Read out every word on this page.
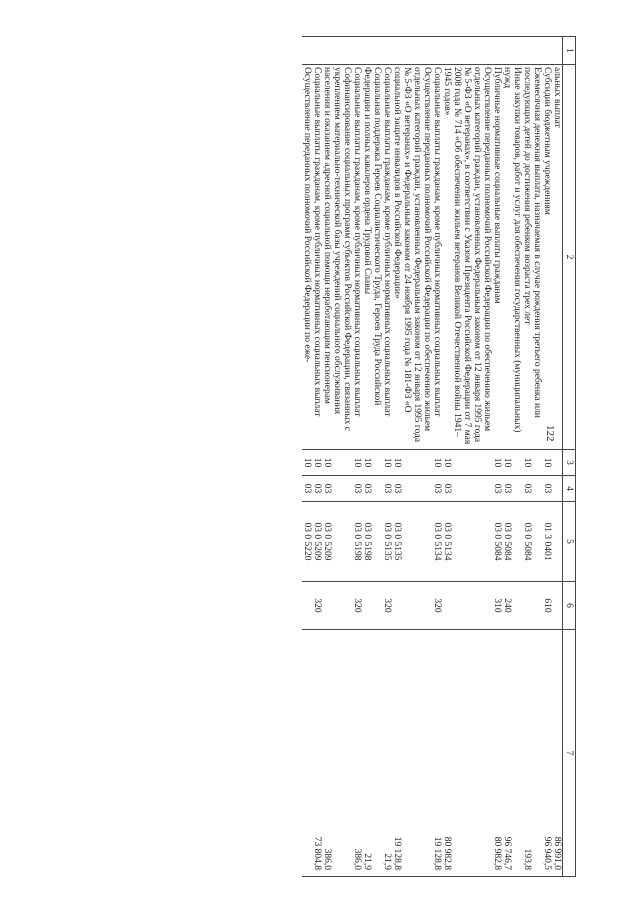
122
1	2	3	4	5	6	7
	альных выплат					86 991,0
	Субсидии бюджетным учреждениям	10	03	01 3 0401	610	96 940,5
	Ежемесячная денежная выплата, назначаемая в случае рождения третьего ребенка или последующих детей до достижения ребенком возраста трех лет	10	03	03 0 5084		193,8
	Иные закупки товаров, работ и услуг для обеспечения государственных (муниципальных) нужд	10	03	03 0 5084	240	96 746,7
	Публичные нормативные социальные выплаты гражданам	10	03	03 0 5084	310	80 982,8
	Осуществление переданных полномочий Российской Федерации по обеспечению жильем отдельных категорий граждан, установленных Федеральным законом от 12 января 1995 года № 5-ФЗ «О ветеранах», в соответствии с Указом Президента Российской Федерации от 7 мая 2008 года № 714 «Об обеспечении жильем ветеранов Великой Отечественной войны 1941–1945 годов»	10	03	03 0 5134		80 982,8
	Социальные выплаты гражданам, кроме публичных нормативных социальных выплат	10	03	03 0 5134	320	19 128,8
	Осуществление переданных полномочий Российской Федерации по обеспечению жильем отдельных категорий граждан, установленных Федеральным законом от 12 января 1995 года № 5-ФЗ «О ветеранах» и Федеральным законом от 24 ноября 1995 года № 181-ФЗ «О социальной защите инвалидов в Российской Федерации»	10	03	03 0 5135		19 128,8
	Социальные выплаты гражданам, кроме публичных нормативных социальных выплат	10	03	03 0 5135	320	21,9
	Социальная поддержка Героев Социалистического Труда, Героев Труда Российской Федерации и полных кавалеров ордена Трудовой Славы	10	03	03 0 5198		21,9
	Социальные выплаты гражданам, кроме публичных нормативных социальных выплат	10	03	03 0 5198	320	386,0
	Софинансирование социальных программ субъектов Российской Федерации, связанных с укреплением материально-технической базы учреждений социального обслуживания населения и оказанием адресной социальной помощи неработающим пенсионерам	10	03	03 0 5209		386,0
	Социальные выплаты гражданам, кроме публичных нормативных социальных выплат	10	03	03 0 5209	320	73 804,8
	Осуществление переданных полномочий Российской Федерации по еже-	10	03	03 0 5220		
